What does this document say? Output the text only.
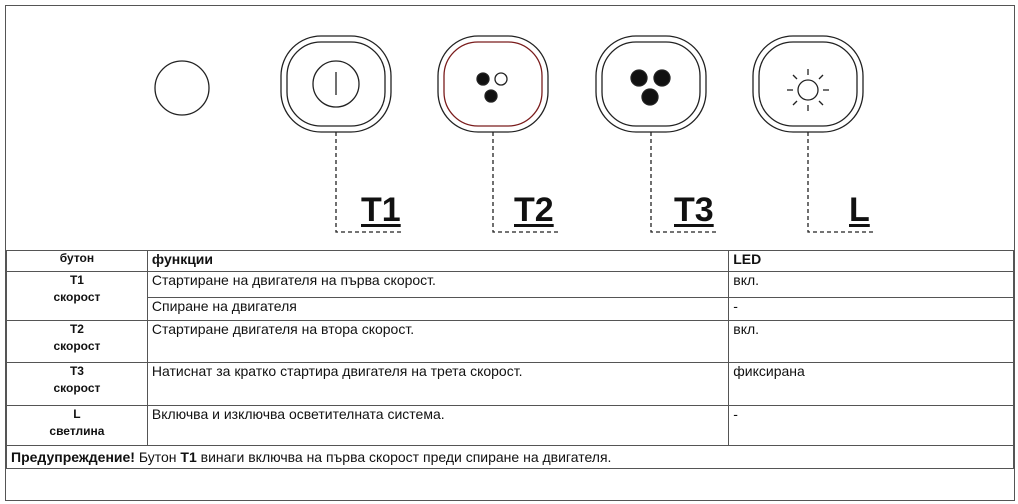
T1	T2	T3	L
бутон	функции	LED

T1
скорост	Стартиране на двигателя на първа скорост.	вкл.
	Спиране на двигателя	-

T2
скорост	Стартиране двигателя на втора скорост.	вкл.

T3
скорост	Натиснат за кратко стартира двигателя на трета скорост.	фиксирана

L
светлина	Включва и изключва осветителната система.	-
Предупреждение! Бутон T1 винаги включва на първа скорост преди спиране на двигателя.		
